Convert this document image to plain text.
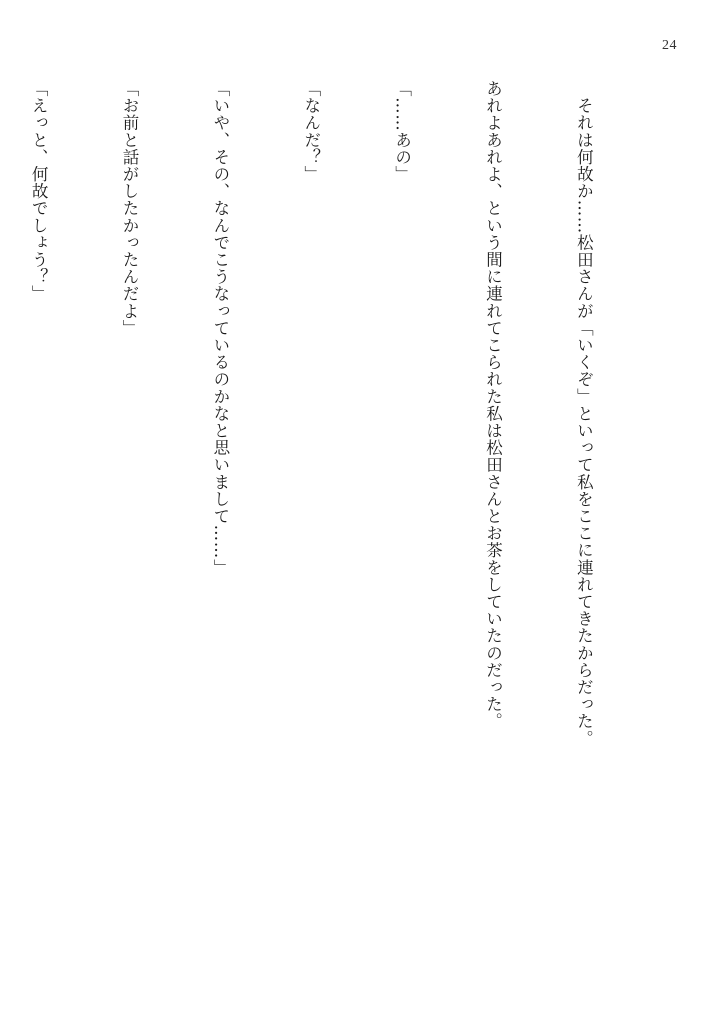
24

　それは何故か……松田さんが「いくぞ」といって私をここに連れてきたからだった。

あれよあれよ、という間に連れてこられた私は松田さんとお茶をしていたのだった。

「……あの」

「なんだ？」

「いや、その、なんでこうなっているのかなと思いまして……」

「お前と話がしたかったんだよ」

「えっと、何故でしょう？」
